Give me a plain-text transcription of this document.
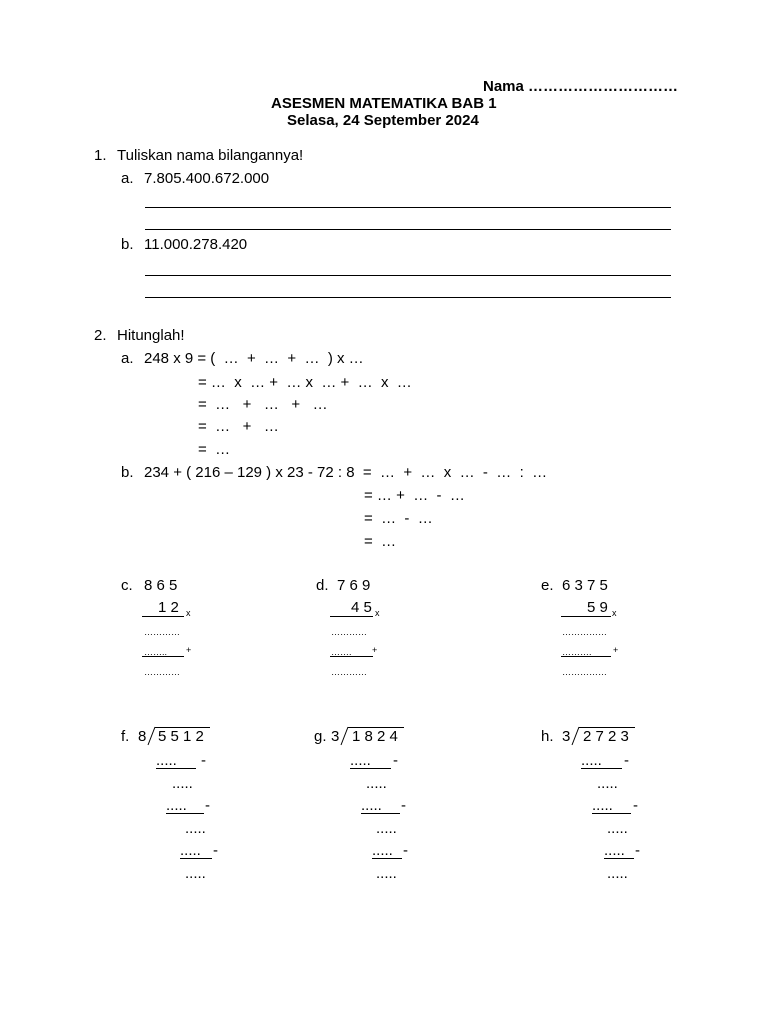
Nama …………………………
ASESMEN MATEMATIKA BAB 1
Selasa, 24 September 2024
1. Tuliskan nama bilangannya!
a. 7.805.400.672.000
b. 11.000.278.420
2. Hitunglah!
a. 248 x 9 = (  …  +  …  +  …  ) x …
= …  x  … +  … x  … +  …  x  …
=  …   +   …   +   …
=  …   +   …
=  …
b. 234 + ( 216 – 129 ) x 23 - 72 : 8  =  …  +  …  x  …  -  …  :  …
= … +  …  -  …
=  …  -  …
=  …
c. 8 6 5
1 2 x
…………
…….. +
…………
d. 7 6 9
4 5 x
…………
……. +
…………
e. 6 3 7 5
5 9 x
……………
………. +
……………
f. 8 5 5 1 2
.....	-
.....
.....	-
.....
..... -
.....
g. 3 1 8 2 4
.....	-
.....
.....	-
.....
..... -
.....
h. 3 2 7 2 3
.....	-
.....
.....	-
.....
..... -
.....
